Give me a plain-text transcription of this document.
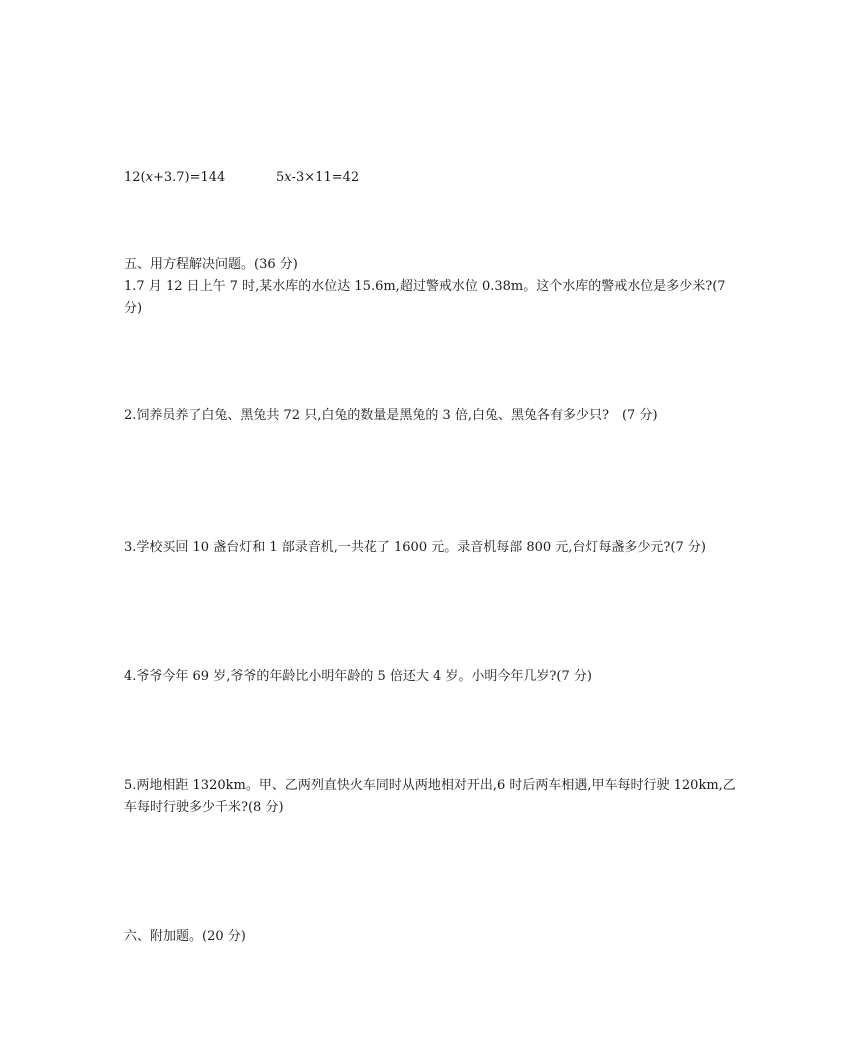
12(x+3.7)=144	5x-3×11=42
五、用方程解决问题。(36 分)
1.7 月 12 日上午 7 时,某水库的水位达 15.6m,超过警戒水位 0.38m。这个水库的警戒水位是多少米?(7 分)
2.饲养员养了白兔、黑兔共 72 只,白兔的数量是黑兔的 3 倍,白兔、黑兔各有多少只?　(7 分)
3.学校买回 10 盏台灯和 1 部录音机,一共花了 1600 元。录音机每部 800 元,台灯每盏多少元?(7 分)
4.爷爷今年 69 岁,爷爷的年龄比小明年龄的 5 倍还大 4 岁。小明今年几岁?(7 分)
5.两地相距 1320km。甲、乙两列直快火车同时从两地相对开出,6 时后两车相遇,甲车每时行驶 120km,乙车每时行驶多少千米?(8 分)
六、附加题。(20 分)
